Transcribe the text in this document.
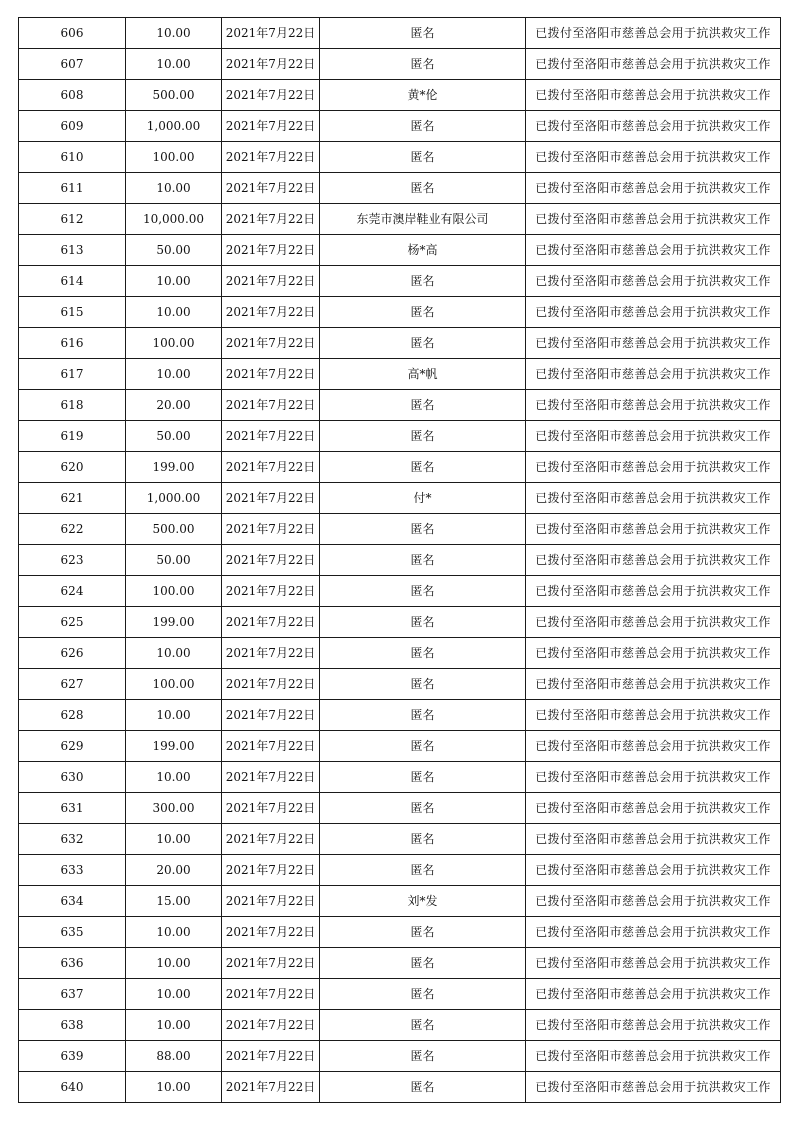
606	10.00	2021年7月22日	匿名	已拨付至洛阳市慈善总会用于抗洪救灾工作
607	10.00	2021年7月22日	匿名	已拨付至洛阳市慈善总会用于抗洪救灾工作
608	500.00	2021年7月22日	黄*伦	已拨付至洛阳市慈善总会用于抗洪救灾工作
609	1,000.00	2021年7月22日	匿名	已拨付至洛阳市慈善总会用于抗洪救灾工作
610	100.00	2021年7月22日	匿名	已拨付至洛阳市慈善总会用于抗洪救灾工作
611	10.00	2021年7月22日	匿名	已拨付至洛阳市慈善总会用于抗洪救灾工作
612	10,000.00	2021年7月22日	东莞市澳岸鞋业有限公司	已拨付至洛阳市慈善总会用于抗洪救灾工作
613	50.00	2021年7月22日	杨*高	已拨付至洛阳市慈善总会用于抗洪救灾工作
614	10.00	2021年7月22日	匿名	已拨付至洛阳市慈善总会用于抗洪救灾工作
615	10.00	2021年7月22日	匿名	已拨付至洛阳市慈善总会用于抗洪救灾工作
616	100.00	2021年7月22日	匿名	已拨付至洛阳市慈善总会用于抗洪救灾工作
617	10.00	2021年7月22日	高*帆	已拨付至洛阳市慈善总会用于抗洪救灾工作
618	20.00	2021年7月22日	匿名	已拨付至洛阳市慈善总会用于抗洪救灾工作
619	50.00	2021年7月22日	匿名	已拨付至洛阳市慈善总会用于抗洪救灾工作
620	199.00	2021年7月22日	匿名	已拨付至洛阳市慈善总会用于抗洪救灾工作
621	1,000.00	2021年7月22日	付*	已拨付至洛阳市慈善总会用于抗洪救灾工作
622	500.00	2021年7月22日	匿名	已拨付至洛阳市慈善总会用于抗洪救灾工作
623	50.00	2021年7月22日	匿名	已拨付至洛阳市慈善总会用于抗洪救灾工作
624	100.00	2021年7月22日	匿名	已拨付至洛阳市慈善总会用于抗洪救灾工作
625	199.00	2021年7月22日	匿名	已拨付至洛阳市慈善总会用于抗洪救灾工作
626	10.00	2021年7月22日	匿名	已拨付至洛阳市慈善总会用于抗洪救灾工作
627	100.00	2021年7月22日	匿名	已拨付至洛阳市慈善总会用于抗洪救灾工作
628	10.00	2021年7月22日	匿名	已拨付至洛阳市慈善总会用于抗洪救灾工作
629	199.00	2021年7月22日	匿名	已拨付至洛阳市慈善总会用于抗洪救灾工作
630	10.00	2021年7月22日	匿名	已拨付至洛阳市慈善总会用于抗洪救灾工作
631	300.00	2021年7月22日	匿名	已拨付至洛阳市慈善总会用于抗洪救灾工作
632	10.00	2021年7月22日	匿名	已拨付至洛阳市慈善总会用于抗洪救灾工作
633	20.00	2021年7月22日	匿名	已拨付至洛阳市慈善总会用于抗洪救灾工作
634	15.00	2021年7月22日	刘*发	已拨付至洛阳市慈善总会用于抗洪救灾工作
635	10.00	2021年7月22日	匿名	已拨付至洛阳市慈善总会用于抗洪救灾工作
636	10.00	2021年7月22日	匿名	已拨付至洛阳市慈善总会用于抗洪救灾工作
637	10.00	2021年7月22日	匿名	已拨付至洛阳市慈善总会用于抗洪救灾工作
638	10.00	2021年7月22日	匿名	已拨付至洛阳市慈善总会用于抗洪救灾工作
639	88.00	2021年7月22日	匿名	已拨付至洛阳市慈善总会用于抗洪救灾工作
640	10.00	2021年7月22日	匿名	已拨付至洛阳市慈善总会用于抗洪救灾工作
